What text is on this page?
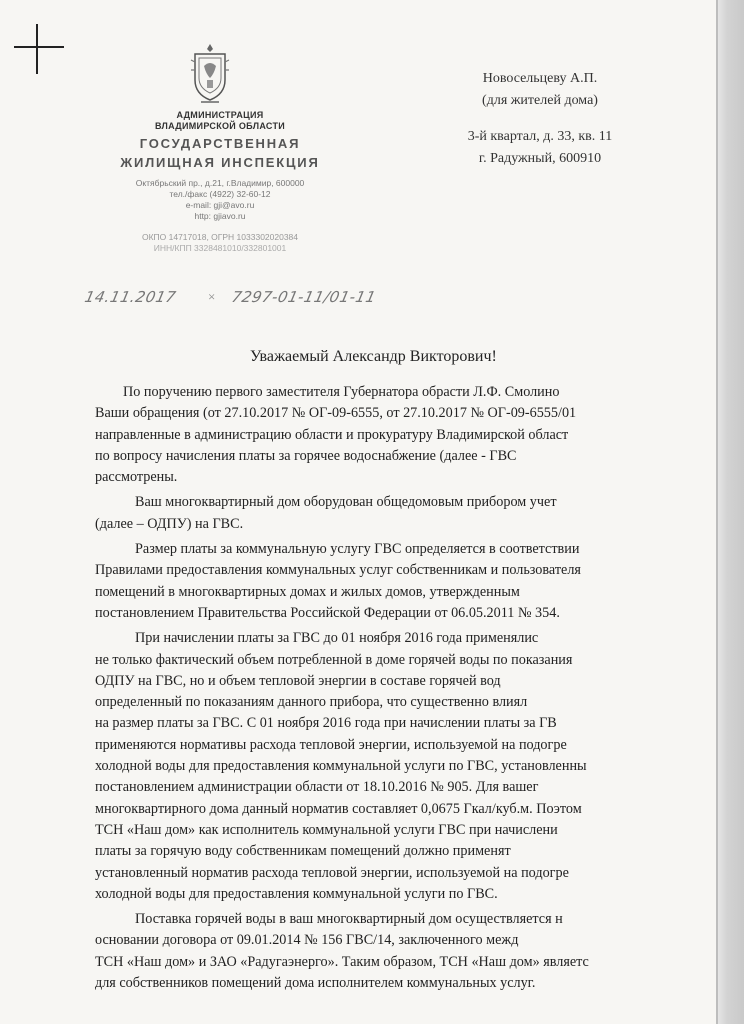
АДМИНИСТРАЦИЯ
ВЛАДИМИРСКОЙ ОБЛАСТИ
ГОСУДАРСТВЕННАЯ
ЖИЛИЩНАЯ ИНСПЕКЦИЯ
Октябрьский пр., д.21, г.Владимир, 600000
тел./факс (4922) 32-60-12
e-mail: gji@avo.ru
http: gjiavo.ru
ОКПО 14717018, ОГРН 1033302020384
ИНН/КПП 3328481010/332801001
Новосельцеву А.П.
(для жителей дома)
3-й квартал, д. 33, кв. 11
г. Радужный, 600910
14.11.2017 × 7297-01-11/01-11
Уважаемый Александр Викторович!

По поручению первого заместителя Губернатора обрасти Л.Ф. Смолино

Ваши обращения (от 27.10.2017 № ОГ-09-6555, от 27.10.2017 № ОГ-09-6555/01

направленные в администрацию области и прокуратуру Владимирской област

по вопросу начисления платы за горячее водоснабжение (далее - ГВС

рассмотрены.

Ваш многоквартирный дом оборудован общедомовым прибором учет

(далее – ОДПУ) на ГВС.

Размер платы за коммунальную услугу ГВС определяется в соответствии

Правилами предоставления коммунальных услуг собственникам и пользователя

помещений в многоквартирных домах и жилых домов, утвержденным

постановлением Правительства Российской Федерации от 06.05.2011 № 354.

При начислении платы за ГВС до 01 ноября 2016 года применялис

не только фактический объем потребленной в доме горячей воды по показания

ОДПУ на ГВС, но и объем тепловой энергии в составе горячей вод

определенный по показаниям данного прибора, что существенно влиял

на размер платы за ГВС. С 01 ноября 2016 года при начислении платы за ГВ

применяются нормативы расхода тепловой энергии, используемой на подогре

холодной воды для предоставления коммунальной услуги по ГВС, установленны

постановлением администрации области от 18.10.2016 № 905. Для вашег

многоквартирного дома данный норматив составляет 0,0675 Гкал/куб.м. Поэтом

ТСН «Наш дом» как исполнитель коммунальной услуги ГВС при начислени

платы за горячую воду собственникам помещений должно применят

установленный норматив расхода тепловой энергии, используемой на подогре

холодной воды для предоставления коммунальной услуги по ГВС.

Поставка горячей воды в ваш многоквартирный дом осуществляется н

основании договора от 09.01.2014 № 156 ГВС/14, заключенного межд

ТСН «Наш дом» и ЗАО «Радугаэнерго». Таким образом, ТСН «Наш дом» являетс

для собственников помещений дома исполнителем коммунальных услуг.
